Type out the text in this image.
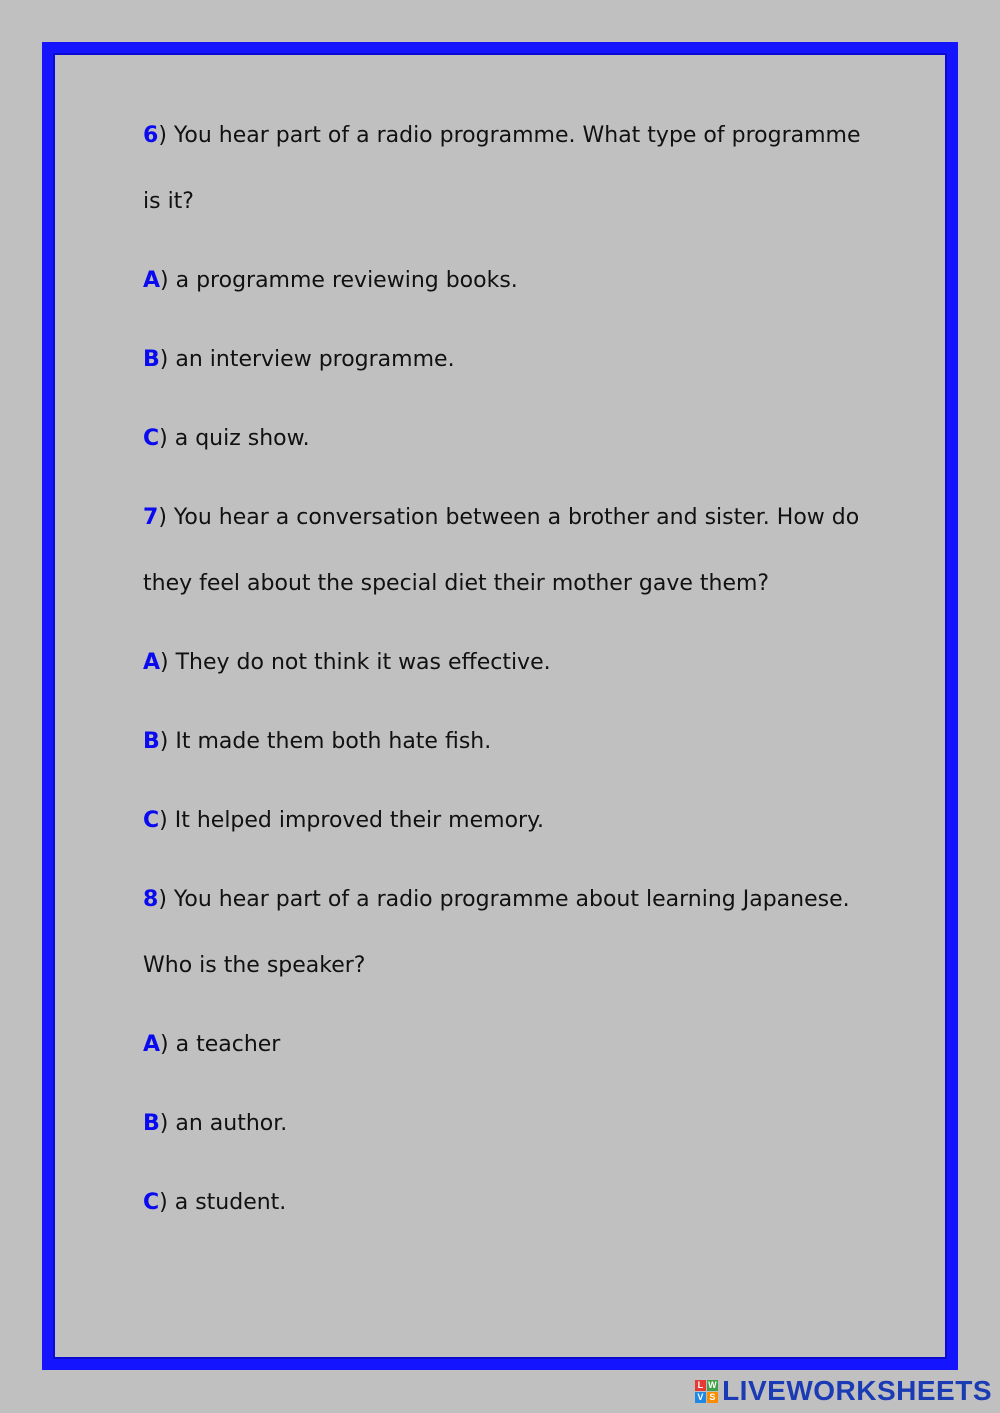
6) You hear part of a radio programme. What type of programme
is it?
A) a programme reviewing books.
B) an interview programme.
C) a quiz show.
7) You hear a conversation between a brother and sister. How do
they feel about the special diet their mother gave them?
A) They do not think it was effective.
B) It made them both hate fish.
C) It helped improved their memory.
8) You hear part of a radio programme about learning Japanese.
Who is the speaker?
A) a teacher
B) an author.
C) a student.
L W
V S LIVEWORKSHEETS
